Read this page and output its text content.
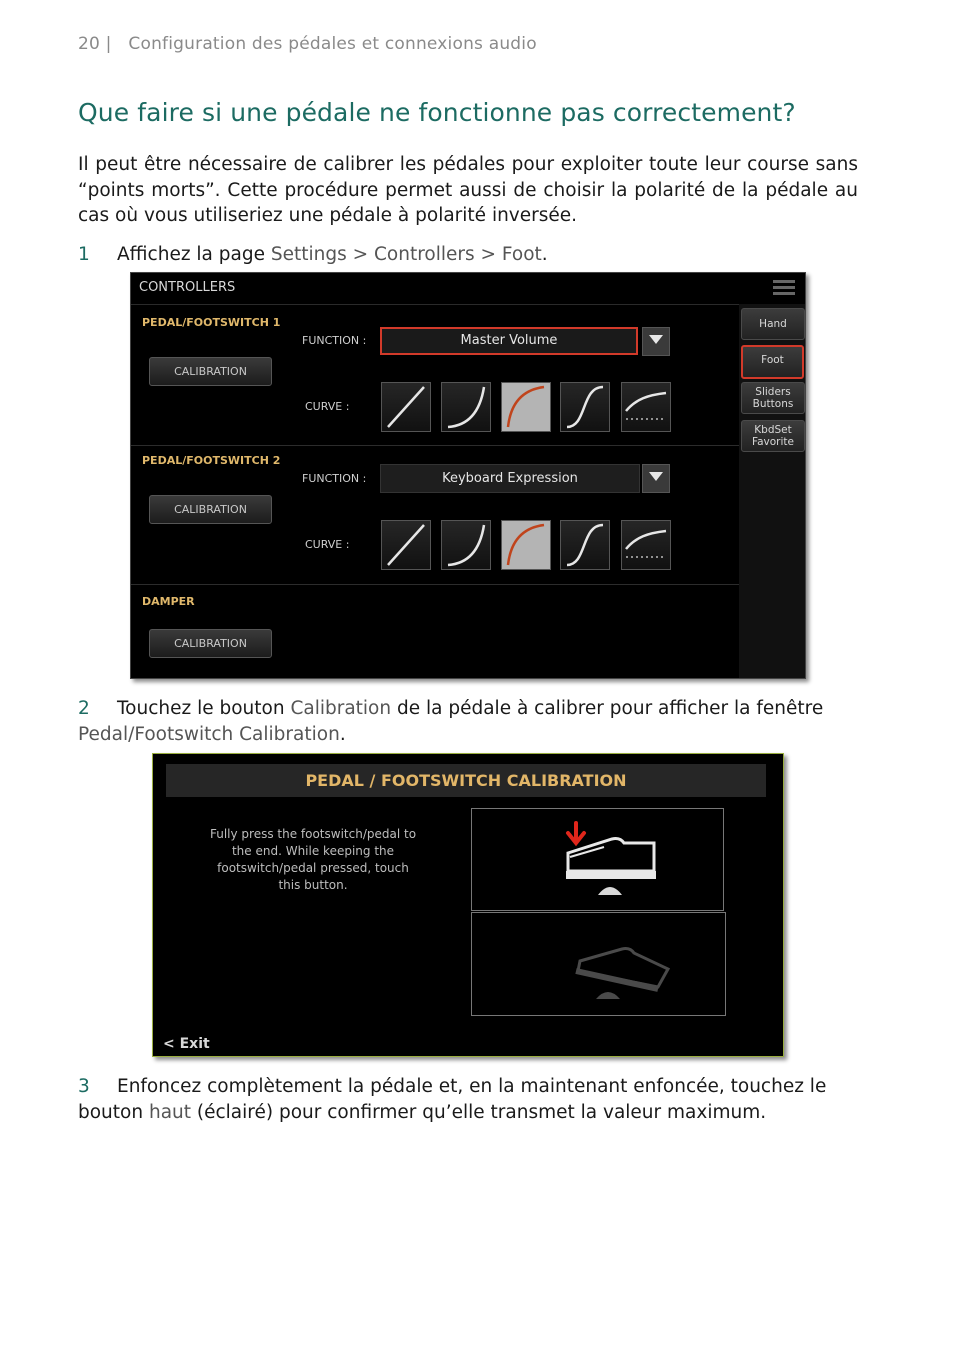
20 | Configuration des pédales et connexions audio
Que faire si une pédale ne fonctionne pas correctement?
Il peut être nécessaire de calibrer les pédales pour exploiter toute leur course sans “points morts”. Cette procédure permet aussi de choisir la polarité de la pédale au cas où vous utiliseriez une pédale à polarité inversée.
1 Affichez la page Settings > Controllers > Foot.
CONTROLLERS
PEDAL/FOOTSWITCH 1
CALIBRATION
FUNCTION :	Master Volume
CURVE :
PEDAL/FOOTSWITCH 2
CALIBRATION
FUNCTION :	Keyboard Expression
CURVE :
DAMPER
CALIBRATION
Hand
Foot
Sliders
Buttons
KbdSet
Favorite
2 Touchez le bouton Calibration de la pédale à calibrer pour afficher la fenêtre Pedal/Footswitch Calibration.
PEDAL / FOOTSWITCH CALIBRATION
Fully press the footswitch/pedal to the end. While keeping the footswitch/pedal pressed, touch this button.
< Exit
3 Enfoncez complètement la pédale et, en la maintenant enfoncée, touchez le bouton haut (éclairé) pour confirmer qu’elle transmet la valeur maximum.
